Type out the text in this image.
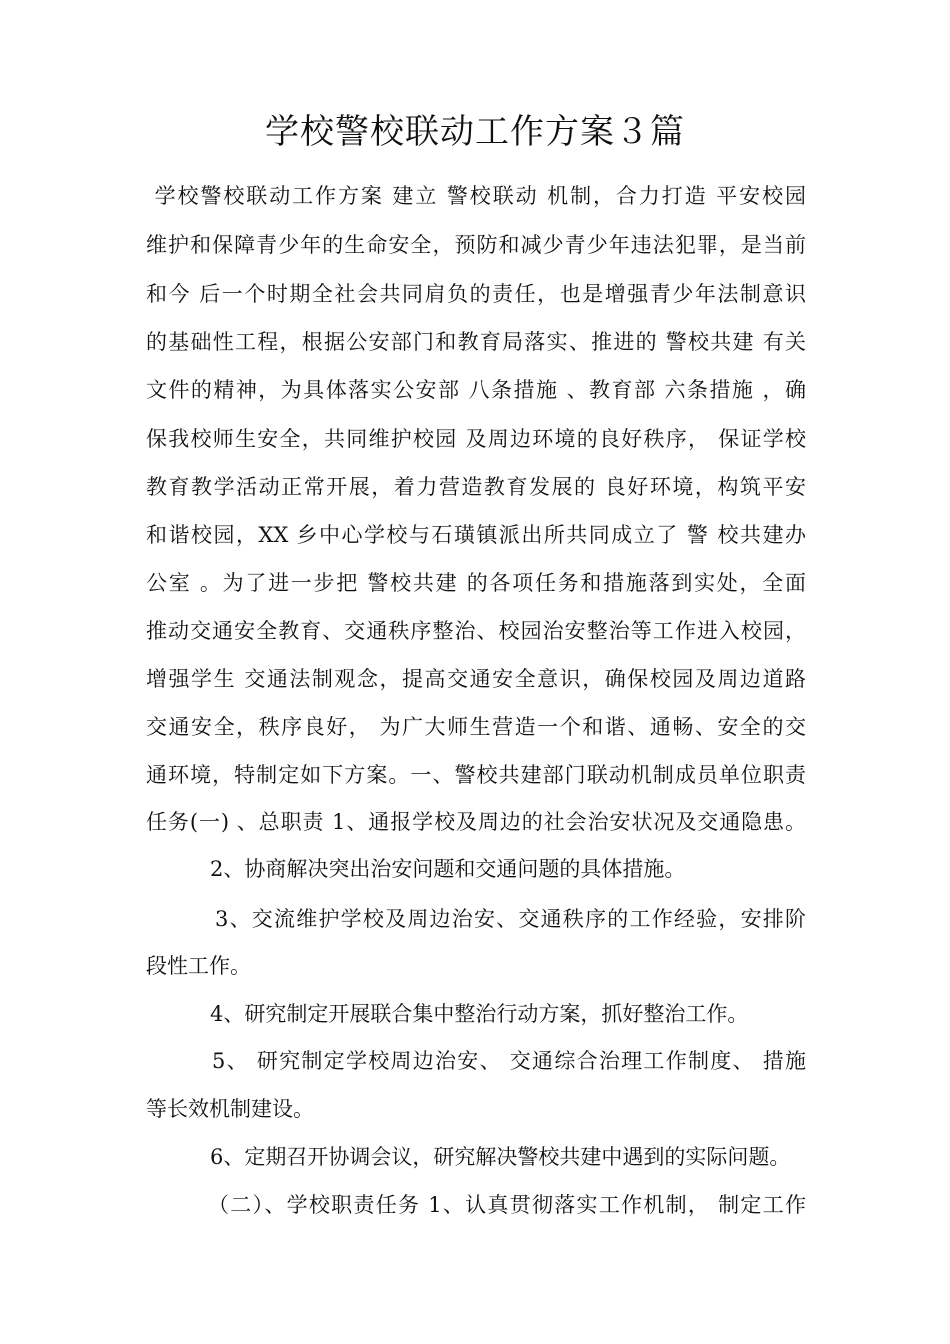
学校警校联动工作方案３篇
学校警校联动工作方案 建立 警校联动 机制，合力打造 平安校园
维护和保障青少年的生命安全，预防和减少青少年违法犯罪，是当前
和今 后一个时期全社会共同肩负的责任，也是增强青少年法制意识
的基础性工程，根据公安部门和教育局落实、推进的 警校共建 有关
文件的精神，为具体落实公安部 八条措施 、教育部 六条措施 ，确
保我校师生安全，共同维护校园 及周边环境的良好秩序， 保证学校
教育教学活动正常开展，着力营造教育发展的 良好环境，构筑平安
和谐校园，XX 乡中心学校与石璜镇派出所共同成立了 警 校共建办
公室 。为了进一步把 警校共建 的各项任务和措施落到实处，全面
推动交通安全教育、交通秩序整治、校园治安整治等工作进入校园，
增强学生 交通法制观念，提高交通安全意识，确保校园及周边道路
交通安全，秩序良好， 为广大师生营造一个和谐、通畅、安全的交
通环境，特制定如下方案。一、警校共建部门联动机制成员单位职责
任务(一) 、总职责 1、通报学校及周边的社会治安状况及交通隐患。
2、协商解决突出治安问题和交通问题的具体措施。
3、交流维护学校及周边治安、交通秩序的工作经验，安排阶
段性工作。
4、研究制定开展联合集中整治行动方案，抓好整治工作。
5、 研究制定学校周边治安、 交通综合治理工作制度、 措施
等长效机制建设。
6、定期召开协调会议，研究解决警校共建中遇到的实际问题。
（二）、学校职责任务 1、认真贯彻落实工作机制， 制定工作
